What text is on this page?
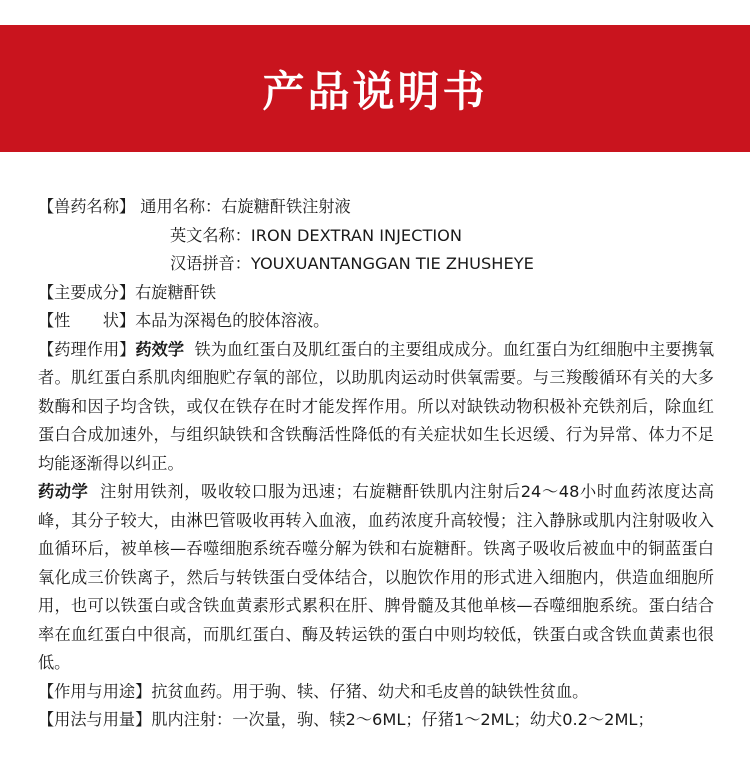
产品说明书
【兽药名称】 通用名称：右旋糖酐铁注射液
英文名称：IRON DEXTRAN INJECTION
汉语拼音：YOUXUANTANGGAN TIE ZHUSHEYE
【主要成分】右旋糖酐铁
【性　　状】本品为深褐色的胶体溶液。
【药理作用】药效学 铁为血红蛋白及肌红蛋白的主要组成成分。血红蛋白为红细胞中主要携氧者。肌红蛋白系肌肉细胞贮存氧的部位，以助肌肉运动时供氧需要。与三羧酸循环有关的大多数酶和因子均含铁，或仅在铁存在时才能发挥作用。所以对缺铁动物积极补充铁剂后，除血红蛋白合成加速外，与组织缺铁和含铁酶活性降低的有关症状如生长迟缓、行为异常、体力不足均能逐渐得以纠正。
药动学 注射用铁剂，吸收较口服为迅速；右旋糖酐铁肌内注射后24～48小时血药浓度达高峰，其分子较大，由淋巴管吸收再转入血液，血药浓度升高较慢；注入静脉或肌内注射吸收入血循环后，被单核—吞噬细胞系统吞噬分解为铁和右旋糖酐。铁离子吸收后被血中的铜蓝蛋白氧化成三价铁离子，然后与转铁蛋白受体结合，以胞饮作用的形式进入细胞内，供造血细胞所用，也可以铁蛋白或含铁血黄素形式累积在肝、脾骨髓及其他单核—吞噬细胞系统。蛋白结合率在血红蛋白中很高，而肌红蛋白、酶及转运铁的蛋白中则均较低，铁蛋白或含铁血黄素也很低。
【作用与用途】抗贫血药。用于驹、犊、仔猪、幼犬和毛皮兽的缺铁性贫血。
【用法与用量】肌内注射：一次量，驹、犊2～6ML；仔猪1～2ML；幼犬0.2～2ML；
